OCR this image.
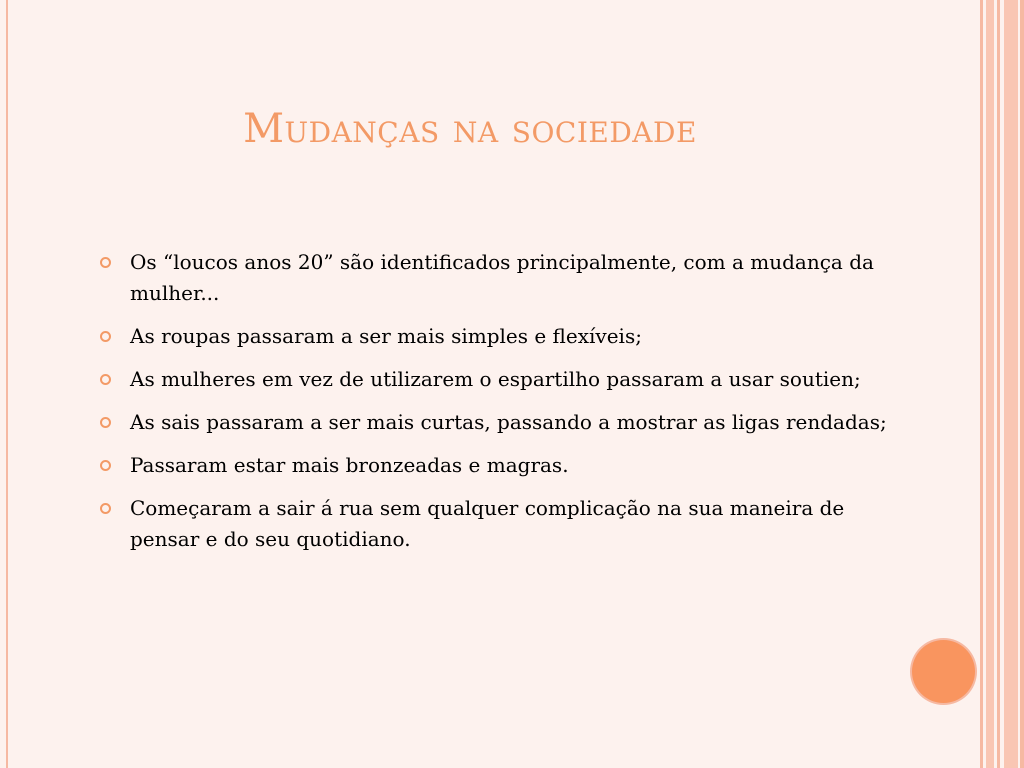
Mudanças na sociedade
Os “loucos anos 20” são identificados principalmente, com a mudança da mulher...
As roupas passaram a ser mais simples e flexíveis;
As mulheres em vez de utilizarem o espartilho passaram a usar soutien;
As sais passaram a ser mais curtas, passando a mostrar as ligas rendadas;
Passaram estar mais bronzeadas e magras.
Começaram a sair á rua sem qualquer complicação na sua maneira de pensar e do seu quotidiano.
